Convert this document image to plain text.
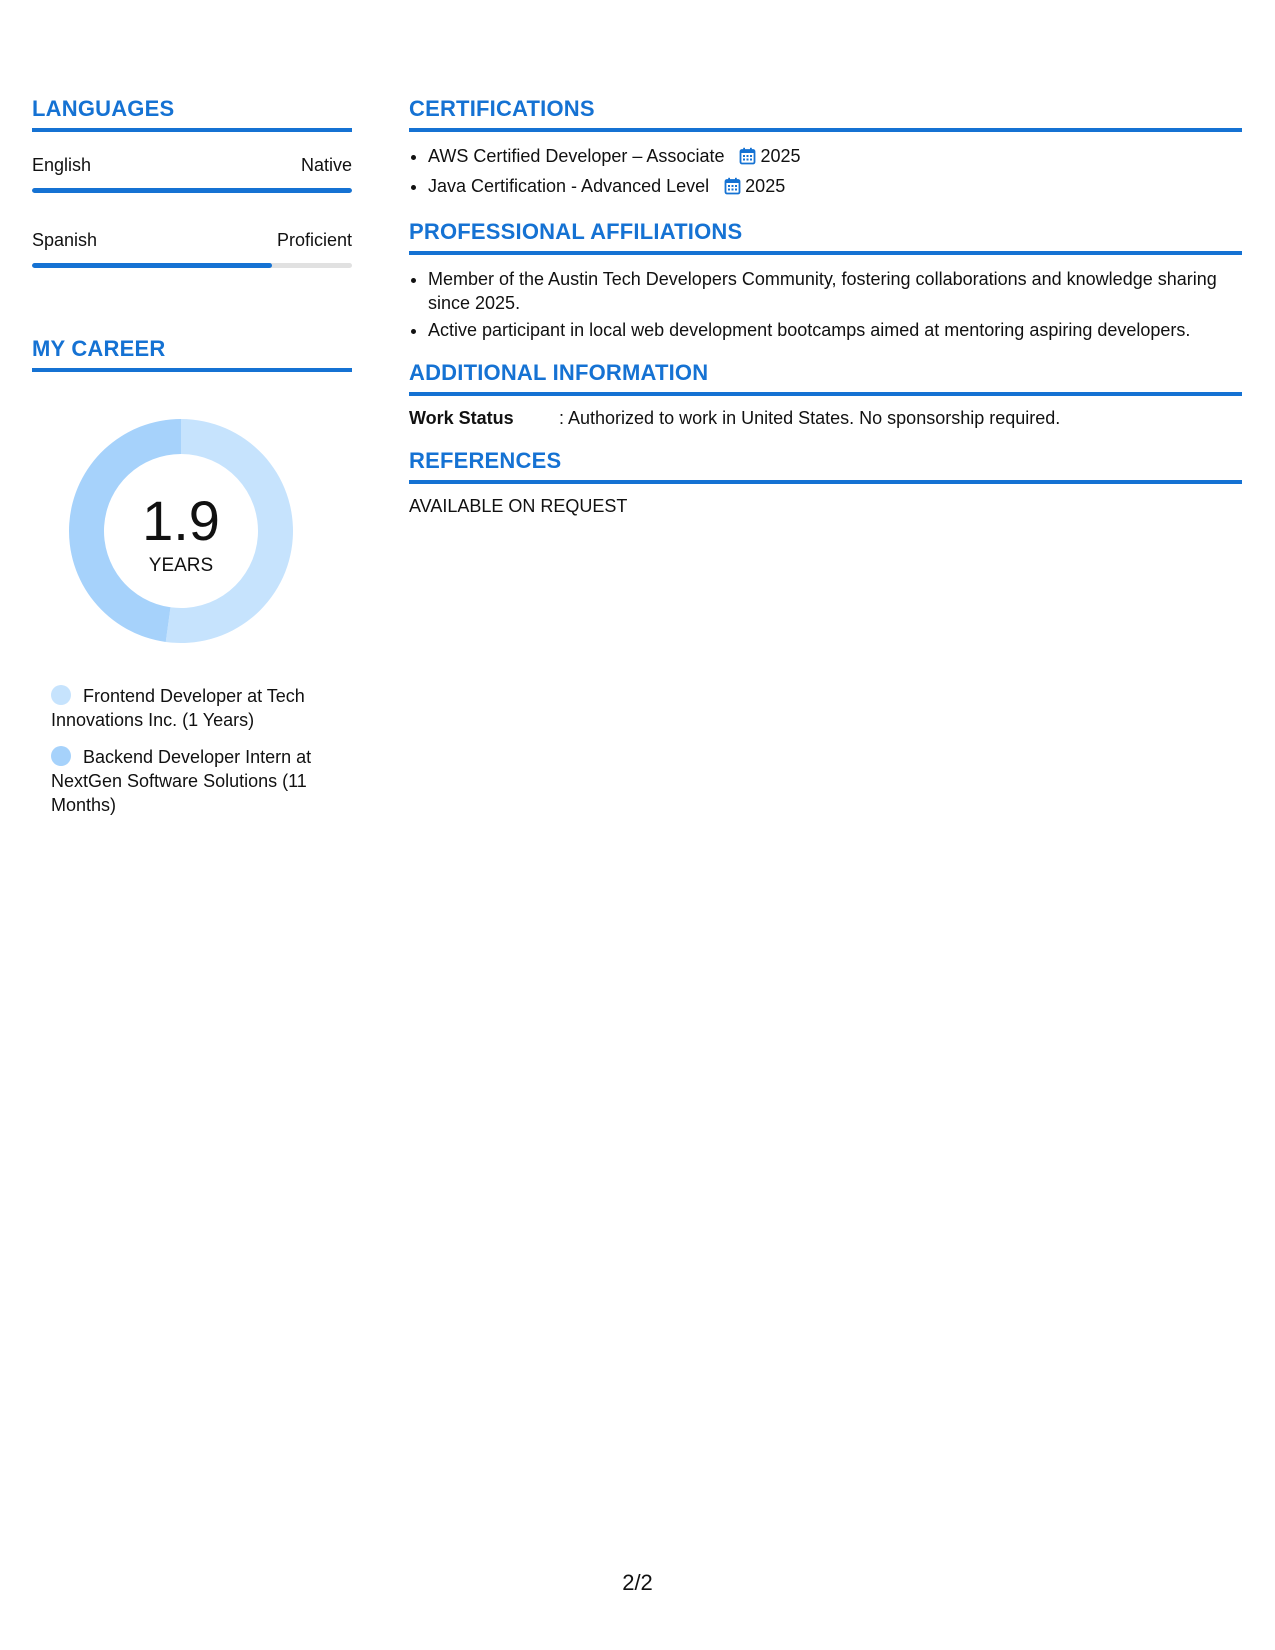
LANGUAGES
English	Native
Spanish	Proficient
MY CAREER
1.9
YEARS
Frontend Developer at Tech Innovations Inc. (1 Years)
Backend Developer Intern at NextGen Software Solutions (11 Months)
CERTIFICATIONS
• AWS Certified Developer – Associate 2025
• Java Certification - Advanced Level 2025
PROFESSIONAL AFFILIATIONS
• Member of the Austin Tech Developers Community, fostering collaborations and knowledge sharing since 2025.
• Active participant in local web development bootcamps aimed at mentoring aspiring developers.
ADDITIONAL INFORMATION
Work Status	: Authorized to work in United States. No sponsorship required.
REFERENCES
AVAILABLE ON REQUEST
2/2
